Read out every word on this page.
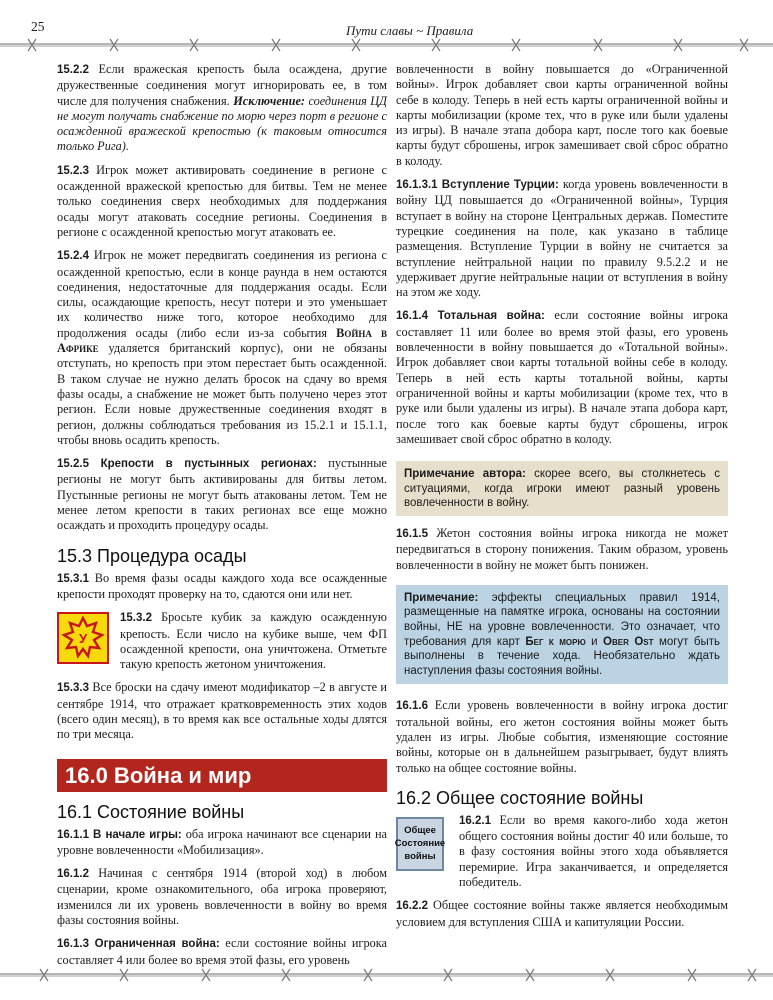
25	Пути славы ~ Правила

15.2.2 Если вражеская крепость была осаждена, другие дружественные соединения могут игнорировать ее, в том числе для получения снабжения. Исключение: соединения ЦД не могут получать снабжение по морю через порт в регионе с осажденной вражеской крепостью (к таковым относится только Рига).

15.2.3 Игрок может активировать соединение в регионе с осажденной вражеской крепостью для битвы. Тем не менее только соединения сверх необходимых для поддержания осады могут атаковать соседние регионы. Соединения в регионе с осажденной крепостью могут атаковать ее.

15.2.4 Игрок не может передвигать соединения из региона с осажденной крепостью, если в конце раунда в нем остаются соединения, недостаточные для поддержания осады. Если силы, осаждающие крепость, несут потери и это уменьшает их количество ниже того, которое необходимо для продолжения осады (либо если из-за события Война в Африке удаляется британский корпус), они не обязаны отступать, но крепость при этом перестает быть осажденной. В таком случае не нужно делать бросок на сдачу во время фазы осады, а снабжение не может быть получено через этот регион. Если новые дружественные соединения входят в регион, должны соблюдаться требования из 15.2.1 и 15.1.1, чтобы вновь осадить крепость.

15.2.5 Крепости в пустынных регионах: пустынные регионы не могут быть активированы для битвы летом. Пустынные регионы не могут быть атакованы летом. Тем не менее летом крепости в таких регионах все еще можно осаждать и проходить процедуру осады.

15.3 Процедура осады

15.3.1 Во время фазы осады каждого хода все осажденные крепости проходят проверку на то, сдаются они или нет.

У

15.3.2 Бросьте кубик за каждую осажденную крепость. Если число на кубике выше, чем ФП осажденной крепости, она уничтожена. Отметьте такую крепость жетоном уничтожения.

15.3.3 Все броски на сдачу имеют модификатор –2 в августе и сентябре 1914, что отражает кратковременность этих ходов (всего один месяц), в то время как все остальные ходы длятся по три месяца.

16.0 Война и мир
16.1 Состояние войны

16.1.1 В начале игры: оба игрока начинают все сценарии на уровне вовлеченности «Мобилизация».

16.1.2 Начиная с сентября 1914 (второй ход) в любом сценарии, кроме ознакомительного, оба игрока проверяют, изменился ли их уровень вовлеченности в войну во время фазы состояния войны.

16.1.3 Ограниченная война: если состояние войны игрока составляет 4 или более во время этой фазы, его уровень

вовлеченности в войну повышается до «Ограниченной войны». Игрок добавляет свои карты ограниченной войны себе в колоду. Теперь в ней есть карты ограниченной войны и карты мобилизации (кроме тех, что в руке или были удалены из игры). В начале этапа добора карт, после того как боевые карты будут сброшены, игрок замешивает свой сброс обратно в колоду.

16.1.3.1 Вступление Турции: когда уровень вовлеченности в войну ЦД повышается до «Ограниченной войны», Турция вступает в войну на стороне Центральных держав. Поместите турецкие соединения на поле, как указано в таблице размещения. Вступление Турции в войну не считается за вступление нейтральной нации по правилу 9.5.2.2 и не удерживает другие нейтральные нации от вступления в войну на этом же ходу.

16.1.4 Тотальная война: если состояние войны игрока составляет 11 или более во время этой фазы, его уровень вовлеченности в войну повышается до «Тотальной войны». Игрок добавляет свои карты тотальной войны себе в колоду. Теперь в ней есть карты тотальной войны, карты ограниченной войны и карты мобилизации (кроме тех, что в руке или были удалены из игры). В начале этапа добора карт, после того как боевые карты будут сброшены, игрок замешивает свой сброс обратно в колоду.

Примечание автора: скорее всего, вы столкнетесь с ситуациями, когда игроки имеют разный уровень вовлеченности в войну.

16.1.5 Жетон состояния войны игрока никогда не может передвигаться в сторону понижения. Таким образом, уровень вовлеченности в войну не может быть понижен.

Примечание: эффекты специальных правил 1914, размещенные на памятке игрока, основаны на состоянии войны, НЕ на уровне вовлеченности. Это означает, что требования для карт Бег к морю и Ober Ost могут быть выполнены в течение хода. Необязательно ждать наступления фазы состояния войны.

16.1.6 Если уровень вовлеченности в войну игрока достиг тотальной войны, его жетон состояния войны может быть удален из игры. Любые события, изменяющие состояние войны, которые он в дальнейшем разыгрывает, будут влиять только на общее состояние войны.

16.2 Общее состояние войны
Общее
Состояние
войны

16.2.1 Если во время какого-либо хода жетон общего состояния войны достиг 40 или больше, то в фазу состояния войны этого хода объявляется перемирие. Игра заканчивается, и определяется победитель.

16.2.2 Общее состояние войны также является необходимым условием для вступления США и капитуляции России.
